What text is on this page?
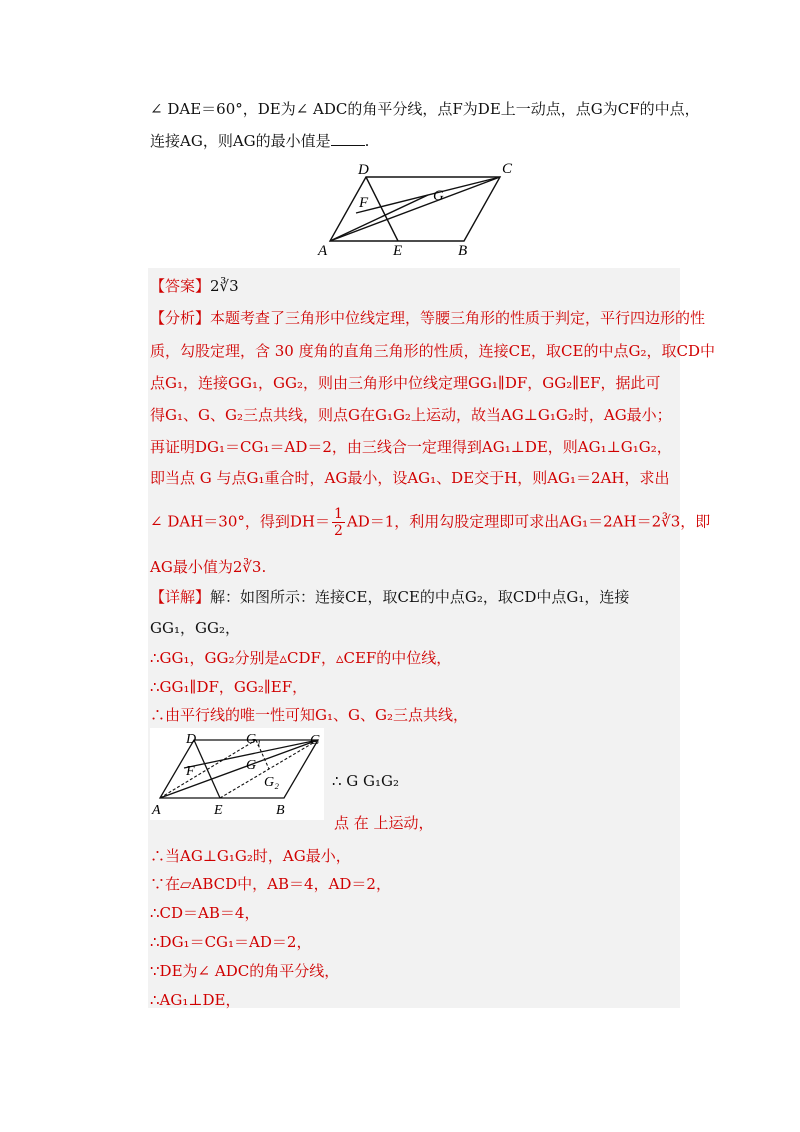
∠ DAE＝60°，DE为∠ ADC的角平分线，点F为DE上一动点，点G为CF的中点，
连接AG，则AG的最小值是 .
D	C
G
F
A	E	B
【答案】2∛3
【分析】本题考查了三角形中位线定理，等腰三角形的性质于判定，平行四边形的性
质，勾股定理，含 30 度角的直角三角形的性质，连接CE，取CE的中点G₂，取CD中
点G₁，连接GG₁，GG₂，则由三角形中位线定理GG₁∥DF，GG₂∥EF，据此可
得G₁、G、G₂三点共线，则点G在G₁G₂上运动，故当AG⊥G₁G₂时，AG最小；
再证明DG₁＝CG₁＝AD＝2，由三线合一定理得到AG₁⊥DE，则AG₁⊥G₁G₂，
即当点 G 与点G₁重合时，AG最小，设AG₁、DE交于H，则AG₁＝2AH，求出
∠ DAH＝30°，得到$DH= \frac{1}{2} AD=1$，利用勾股定理即可求出AG₁＝2AH＝2∛3，即
AG最小值为2∛3.
【详解】解：如图所示：连接CE，取CE的中点G₂，取CD中点G₁，连接
GG₁，GG₂，
∴GG₁，GG₂分别是▵CDF，▵CEF的中位线，
∴GG₁∥DF，GG₂∥EF，
∴由平行线的唯一性可知G₁、G、G₂三点共线，
D	G₁	C
F	G
G₂
A	E	B
∴ G G₁G₂
点 在 上运动，
∴当AG⊥G₁G₂时，AG最小，
∵在▱ABCD中，AB＝4，AD＝2，
∴CD＝AB＝4，
∴DG₁＝CG₁＝AD＝2，
∵DE为∠ ADC的角平分线，
∴AG₁⊥DE，
